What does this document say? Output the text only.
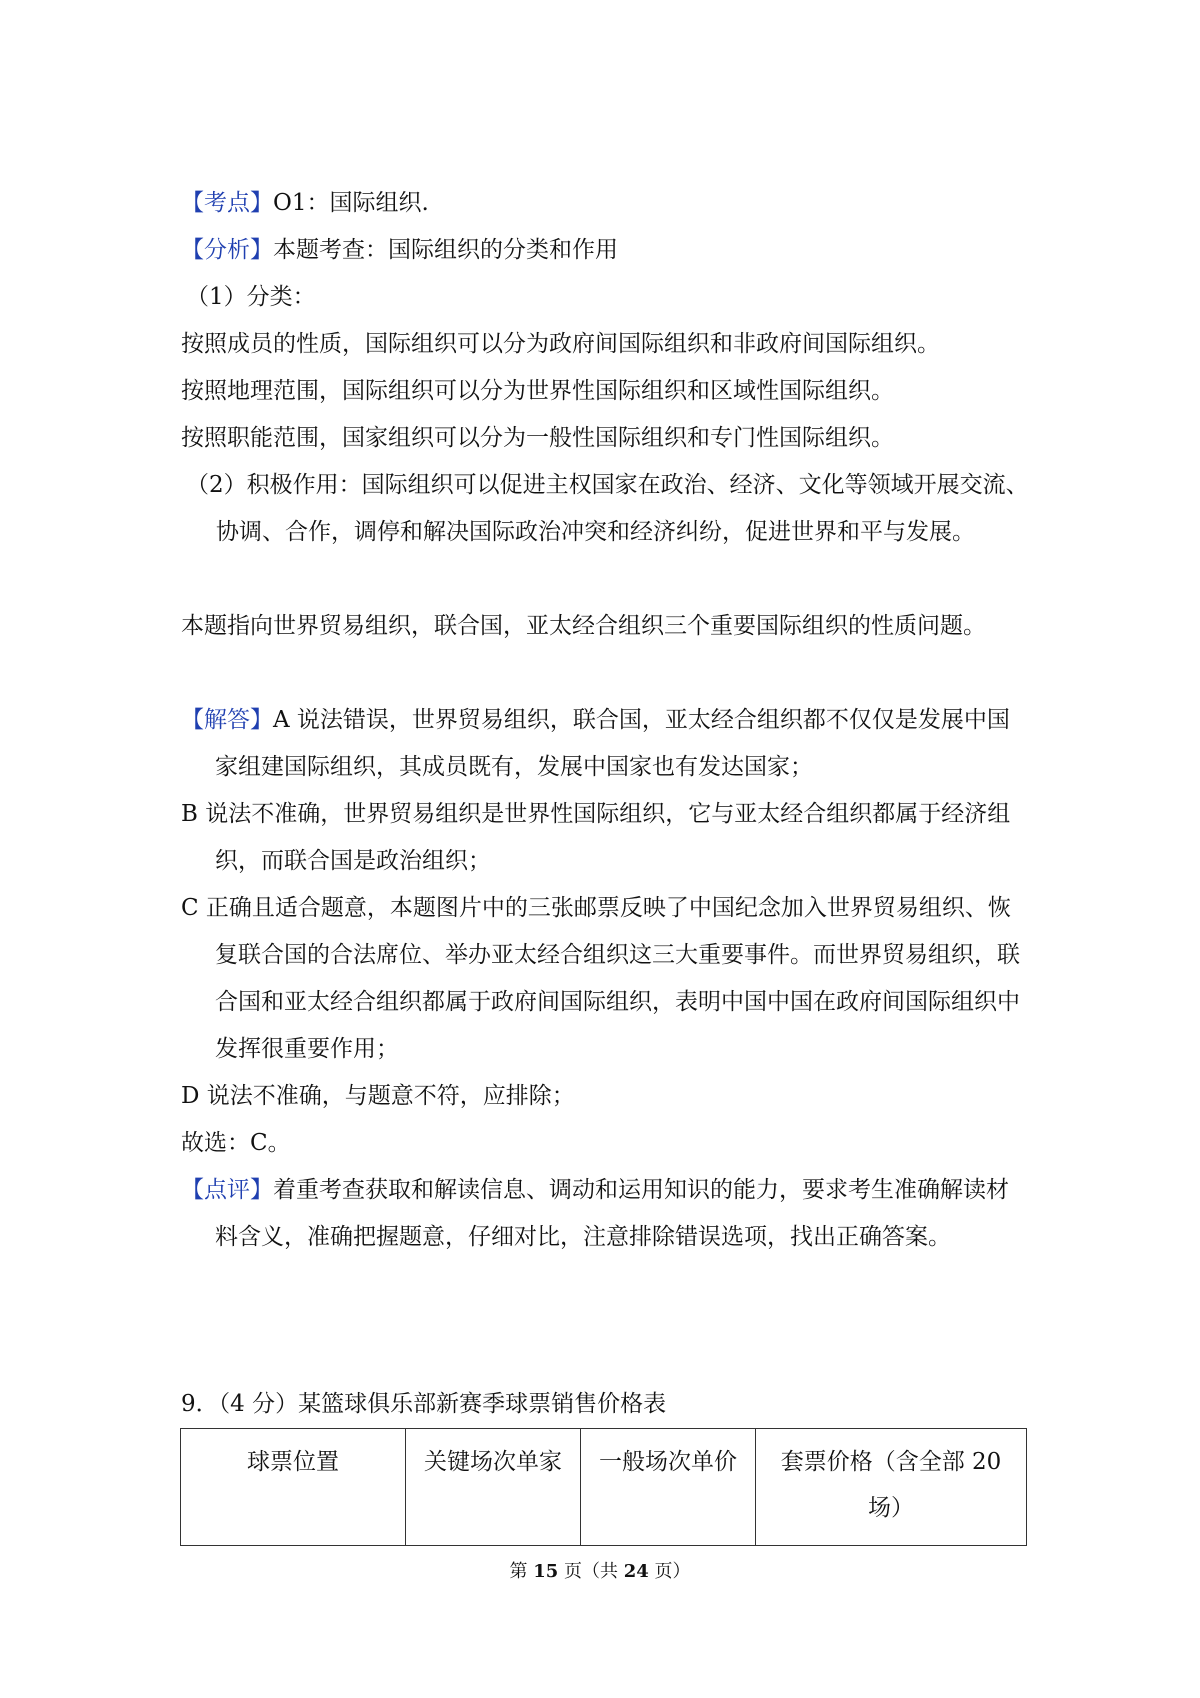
【考点】O1：国际组织.
【分析】本题考查：国际组织的分类和作用
（1）分类：
按照成员的性质，国际组织可以分为政府间国际组织和非政府间国际组织。
按照地理范围，国际组织可以分为世界性国际组织和区域性国际组织。
按照职能范围，国家组织可以分为一般性国际组织和专门性国际组织。
（2）积极作用：国际组织可以促进主权国家在政治、经济、文化等领域开展交流、协调、合作，调停和解决国际政治冲突和经济纠纷，促进世界和平与发展。
本题指向世界贸易组织，联合国，亚太经合组织三个重要国际组织的性质问题。
【解答】A 说法错误，世界贸易组织，联合国，亚太经合组织都不仅仅是发展中国家组建国际组织，其成员既有，发展中国家也有发达国家；
B 说法不准确，世界贸易组织是世界性国际组织，它与亚太经合组织都属于经济组织，而联合国是政治组织；
C 正确且适合题意，本题图片中的三张邮票反映了中国纪念加入世界贸易组织、恢复联合国的合法席位、举办亚太经合组织这三大重要事件。而世界贸易组织，联合国和亚太经合组织都属于政府间国际组织，表明中国中国在政府间国际组织中发挥很重要作用；
D 说法不准确，与题意不符，应排除；
故选：C。
【点评】着重考查获取和解读信息、调动和运用知识的能力，要求考生准确解读材料含义，准确把握题意，仔细对比，注意排除错误选项，找出正确答案。
9．（4 分）某篮球俱乐部新赛季球票销售价格表
球票位置	关键场次单家	一般场次单价	套票价格（含全部 20 场）
第 15 页（共 24 页）
